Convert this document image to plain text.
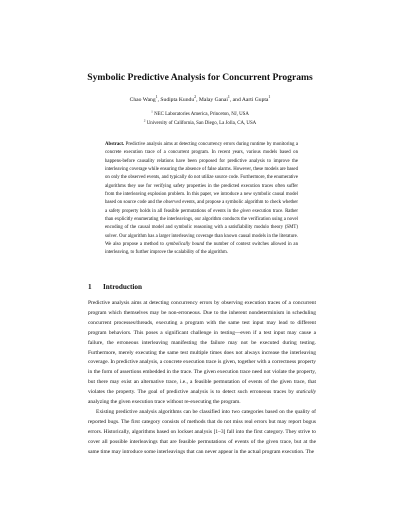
Symbolic Predictive Analysis for Concurrent Programs
Chao Wang$^1$, Sudipta Kundu$^2$, Malay Ganai$^1$, and Aarti Gupta$^1$
$^1$ NEC Laboratories America, Princeton, NJ, USA
$^2$ University of California, San Diego, La Jolla, CA, USA
Abstract. Predictive analysis aims at detecting concurrency errors during runtime by monitoring a concrete execution trace of a concurrent program. In recent years, various models based on happens-before causality relations have been proposed for predictive analysis to improve the interleaving coverage while ensuring the absence of false alarms. However, these models are based on only the observed events, and typically do not utilize source code. Furthermore, the enumerative algorithms they use for verifying safety properties in the predicted execution traces often suffer from the interleaving explosion problem. In this paper, we introduce a new symbolic causal model based on source code and the observed events, and propose a symbolic algorithm to check whether a safety property holds in all feasible permutations of events in the given execution trace. Rather than explicitly enumerating the interleavings, our algorithm conducts the verification using a novel encoding of the causal model and symbolic reasoning with a satisfiability modulo theory (SMT) solver. Our algorithm has a larger interleaving coverage than known causal models in the literature. We also propose a method to symbolically bound the number of context switches allowed in an interleaving, to further improve the scalability of the algorithm.
1 Introduction

Predictive analysis aims at detecting concurrency errors by observing execution traces of a concurrent program which themselves may be non-erroneous. Due to the inherent nondeterminism in scheduling concurrent processes/threads, executing a program with the same test input may lead to different program behaviors. This poses a significant challenge in testing—even if a test input may cause a failure, the erroneous interleaving manifesting the failure may not be executed during testing. Furthermore, merely executing the same test multiple times does not always increase the interleaving coverage. In predictive analysis, a concrete execution trace is given, together with a correctness property in the form of assertions embedded in the trace. The given execution trace need not violate the property, but there may exist an alternative trace, i.e., a feasible permutation of events of the given trace, that violates the property. The goal of predictive analysis is to detect such erroneous traces by statically analyzing the given execution trace without re-executing the program.

Existing predictive analysis algorithms can be classified into two categories based on the quality of reported bugs. The first category consists of methods that do not miss real errors but may report bogus errors. Historically, algorithms based on lockset analysis [1–3] fall into the first category. They strive to cover all possible interleavings that are feasible permutations of events of the given trace, but at the same time may introduce some interleavings that can never appear in the actual program execution. The
